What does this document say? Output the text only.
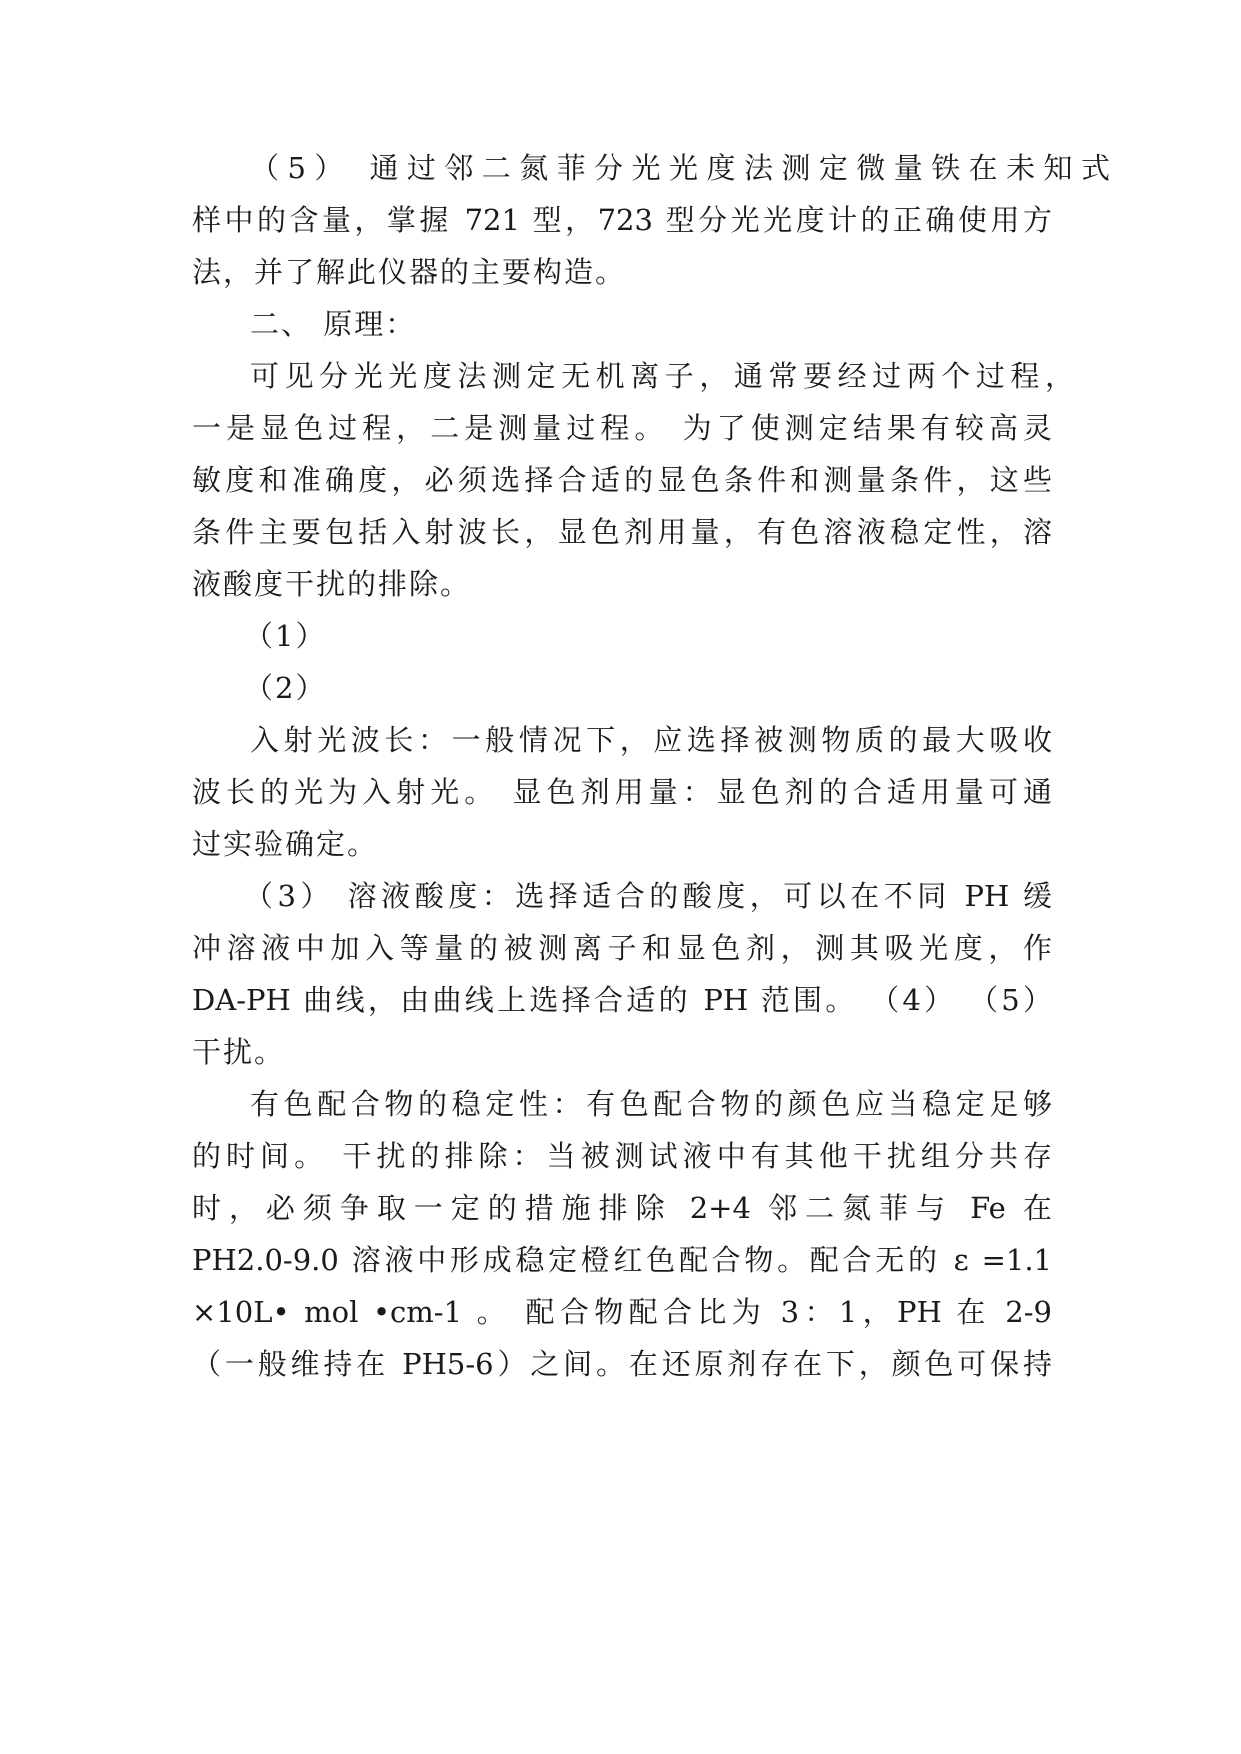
（5） 通过邻二氮菲分光光度法测定微量铁在未知式

样中的含量，掌握 721 型，723 型分光光度计的正确使用方

法，并了解此仪器的主要构造。

二、 原理：

可见分光光度法测定无机离子，通常要经过两个过程，

一是显色过程，二是测量过程。 为了使测定结果有较高灵

敏度和准确度，必须选择合适的显色条件和测量条件，这些

条件主要包括入射波长，显色剂用量，有色溶液稳定性，溶

液酸度干扰的排除。

（1）

（2）

入射光波长：一般情况下，应选择被测物质的最大吸收

波长的光为入射光。 显色剂用量：显色剂的合适用量可通

过实验确定。

（3） 溶液酸度：选择适合的酸度，可以在不同 PH 缓

冲溶液中加入等量的被测离子和显色剂，测其吸光度，作

DA-PH 曲线，由曲线上选择合适的 PH 范围。 （4） （5）

干扰。

有色配合物的稳定性：有色配合物的颜色应当稳定足够

的时间。 干扰的排除：当被测试液中有其他干扰组分共存

时，必须争取一定的措施排除 2+4 邻二氮菲与 Fe 在

PH2.0-9.0 溶液中形成稳定橙红色配合物。配合无的 ε =1.1

×10L• mol •cm-1 。 配合物配合比为 3：1，PH 在 2-9

（一般维持在 PH5-6）之间。在还原剂存在下，颜色可保持
